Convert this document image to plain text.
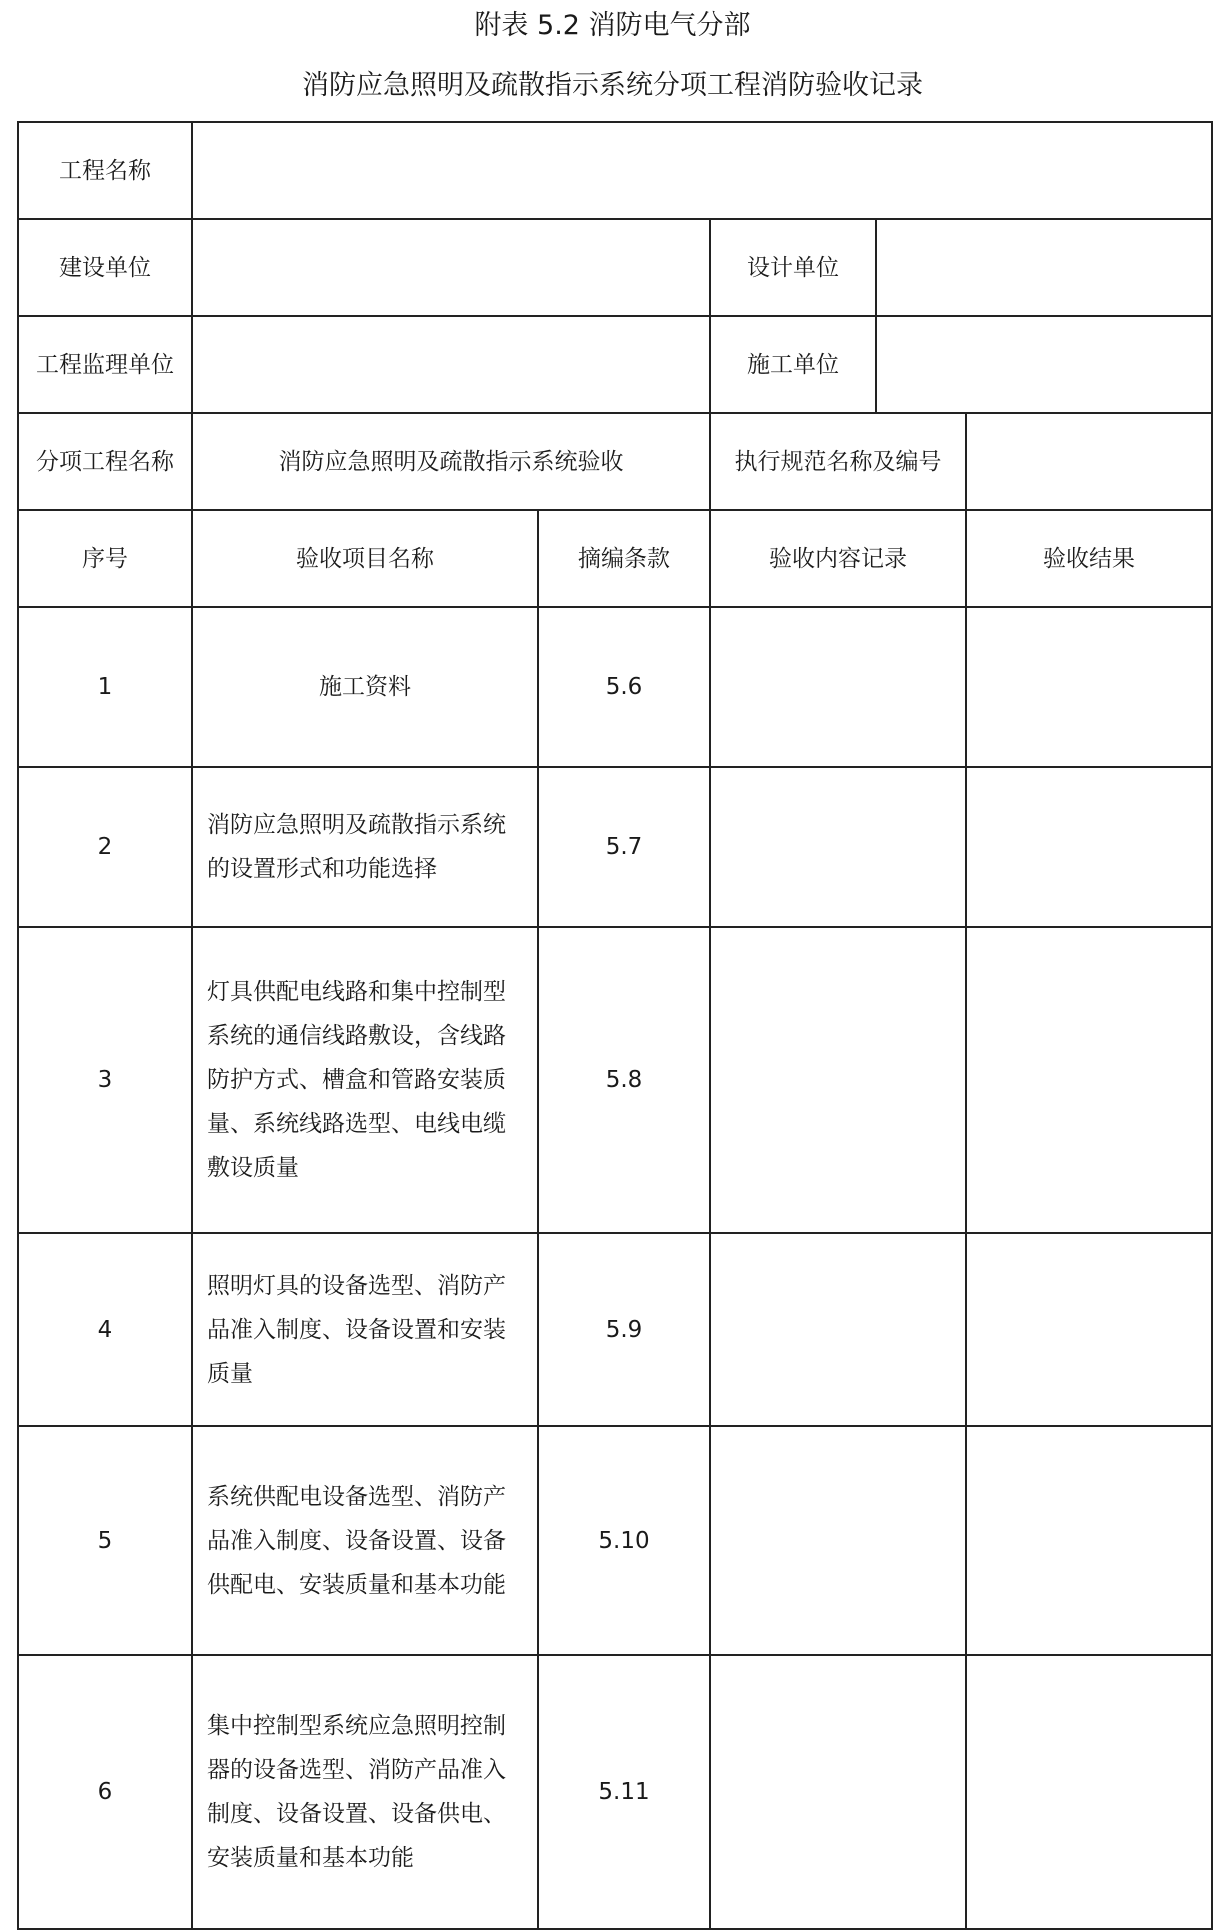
附表 5.2 消防电气分部
消防应急照明及疏散指示系统分项工程消防验收记录
工程名称					
建设单位			设计单位		
工程监理单位			施工单位		
分项工程名称	消防应急照明及疏散指示系统验收		执行规范名称及编号		
序号	验收项目名称	摘编条款	验收内容记录		验收结果
1	施工资料	5.6			
2	消防应急照明及疏散指示系统的设置形式和功能选择	5.7			
3	灯具供配电线路和集中控制型系统的通信线路敷设，含线路防护方式、槽盒和管路安装质量、系统线路选型、电线电缆敷设质量	5.8			
4	照明灯具的设备选型、消防产品准入制度、设备设置和安装质量	5.9			
5	系统供配电设备选型、消防产品准入制度、设备设置、设备供配电、安装质量和基本功能	5.10			
6	集中控制型系统应急照明控制器的设备选型、消防产品准入制度、设备设置、设备供电、安装质量和基本功能	5.11			
